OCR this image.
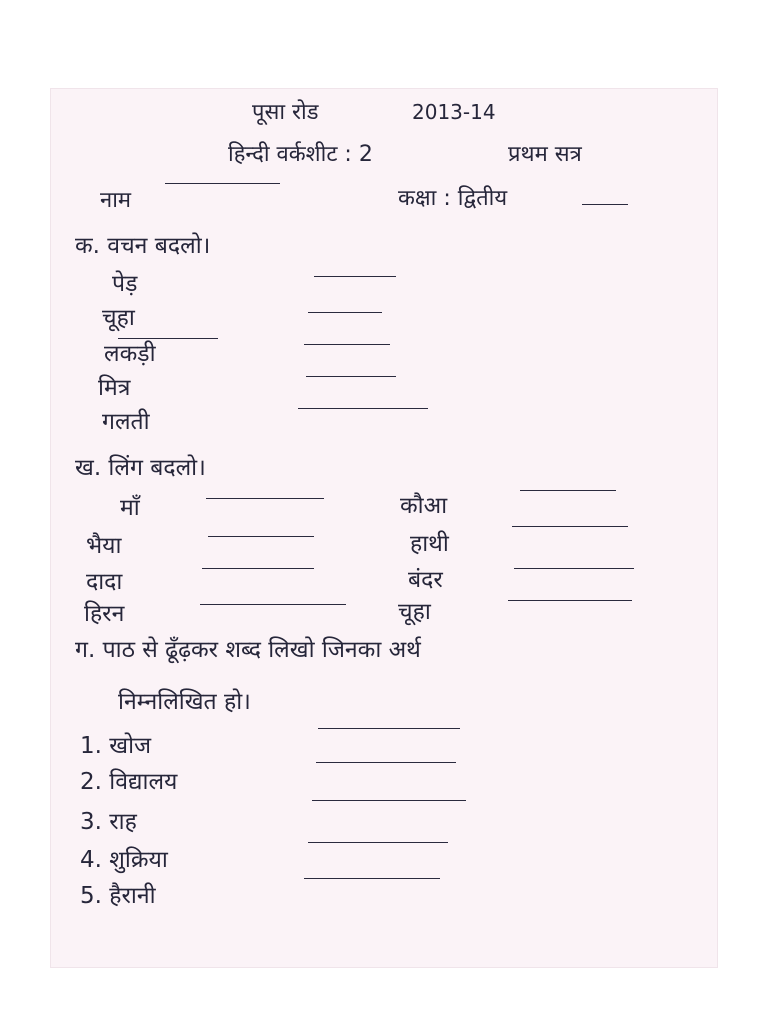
पूसा रोड	2013-14
हिन्दी वर्कशीट : 2	प्रथम सत्र
नाम	कक्षा : द्वितीय
क. वचन बदलो।
पेड़
चूहा
लकड़ी
मित्र
गलती
ख. लिंग बदलो।
माँ	कौआ
भैया	हाथी
दादा	बंदर
हिरन	चूहा
ग. पाठ से ढूँढ़कर शब्द लिखो जिनका अर्थ
निम्नलिखित हो।
1. खोज
2. विद्यालय
3. राह
4. शुक्रिया
5. हैरानी
